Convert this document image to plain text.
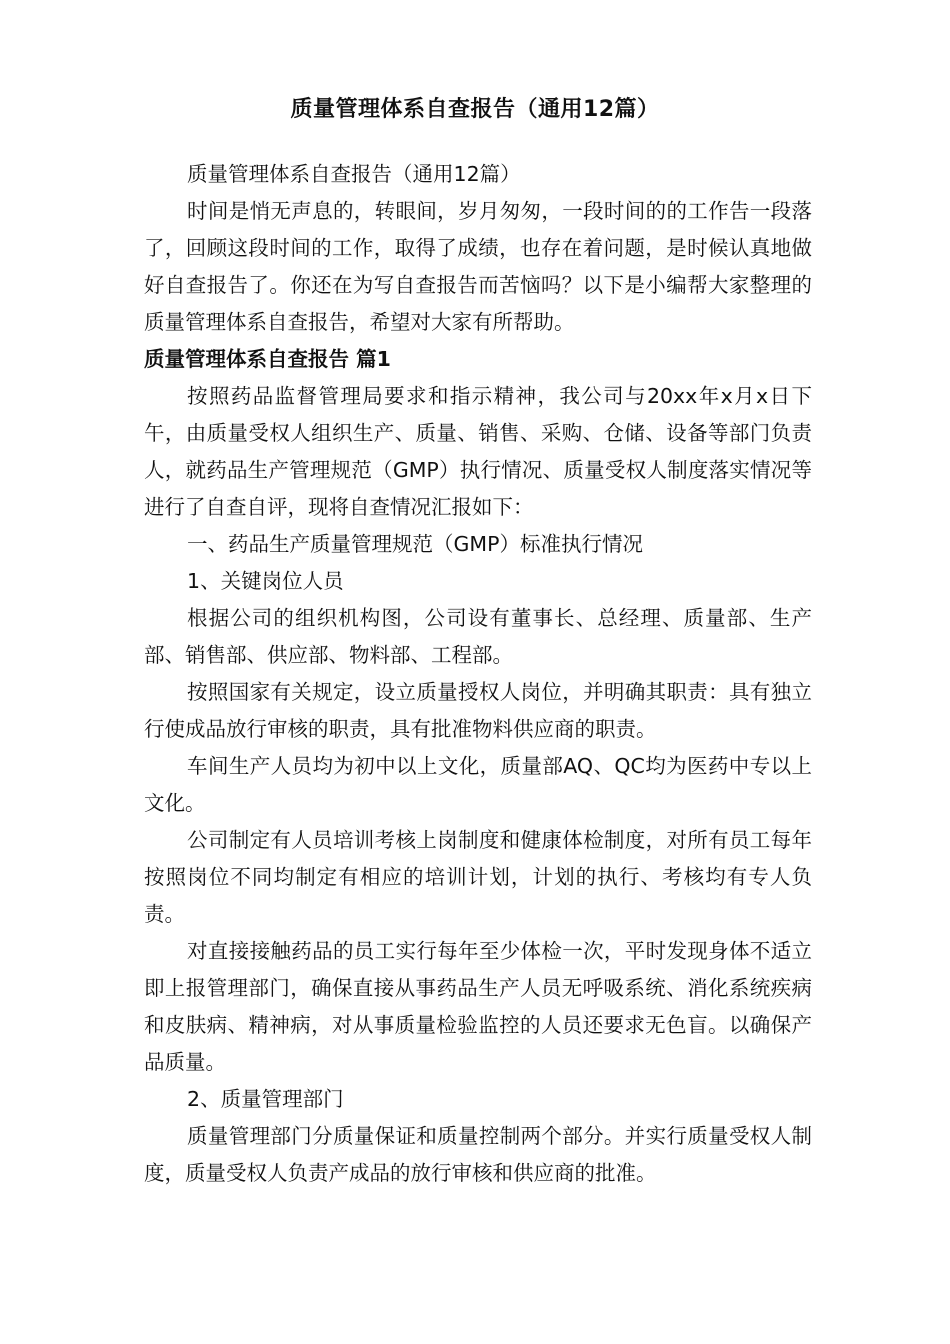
质量管理体系自查报告（通用12篇）

质量管理体系自查报告（通用12篇）

时间是悄无声息的，转眼间，岁月匆匆，一段时间的的工作告一段落了，回顾这段时间的工作，取得了成绩，也存在着问题，是时候认真地做好自查报告了。你还在为写自查报告而苦恼吗？以下是小编帮大家整理的质量管理体系自查报告，希望对大家有所帮助。

质量管理体系自查报告 篇1

按照药品监督管理局要求和指示精神，我公司与20xx年x月x日下午，由质量受权人组织生产、质量、销售、采购、仓储、设备等部门负责人，就药品生产管理规范（GMP）执行情况、质量受权人制度落实情况等进行了自查自评，现将自查情况汇报如下：

一、药品生产质量管理规范（GMP）标准执行情况

1、关键岗位人员

根据公司的组织机构图，公司设有董事长、总经理、质量部、生产部、销售部、供应部、物料部、工程部。

按照国家有关规定，设立质量授权人岗位，并明确其职责：具有独立行使成品放行审核的职责，具有批准物料供应商的职责。

车间生产人员均为初中以上文化，质量部AQ、QC均为医药中专以上文化。

公司制定有人员培训考核上岗制度和健康体检制度，对所有员工每年按照岗位不同均制定有相应的培训计划，计划的执行、考核均有专人负责。

对直接接触药品的员工实行每年至少体检一次，平时发现身体不适立即上报管理部门，确保直接从事药品生产人员无呼吸系统、消化系统疾病和皮肤病、精神病，对从事质量检验监控的人员还要求无色盲。以确保产品质量。

2、质量管理部门

质量管理部门分质量保证和质量控制两个部分。并实行质量受权人制度，质量受权人负责产成品的放行审核和供应商的批准。
